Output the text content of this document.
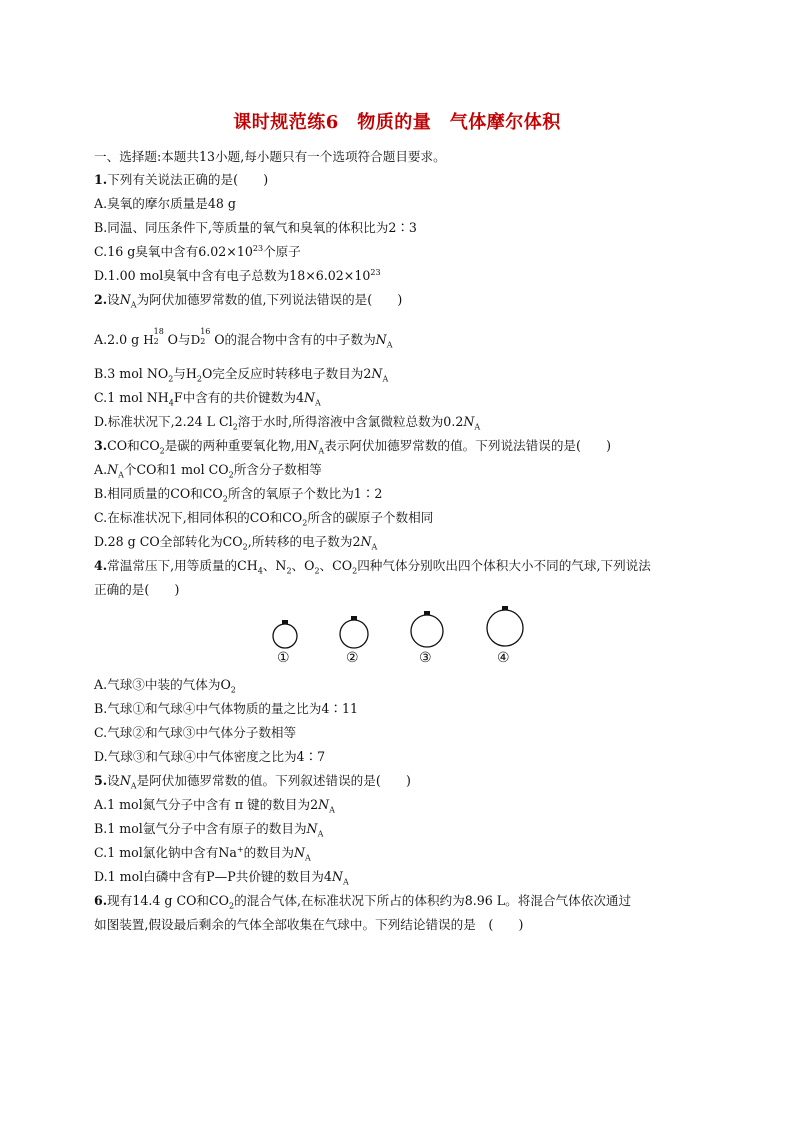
课时规范练6　物质的量　气体摩尔体积
一、选择题:本题共13小题,每小题只有一个选项符合题目要求。
1.下列有关说法正确的是(　　)
A.臭氧的摩尔质量是48 g
B.同温、同压条件下,等质量的氧气和臭氧的体积比为2∶3
C.16 g臭氧中含有$6.02\times 10^{23}$个原子
D.1.00 mol臭氧中含有电子总数为$18\times 6.02\times 10^{23}$
2.设$N_A$为阿伏加德罗常数的值,下列说法错误的是(　　)
A.2.0 g H
18
2 O与D
16
2 O的混合物中含有的中子数为$N_A$
B.3 mol $NO_2$与$H_2O$完全反应时转移电子数目为$2N_A$
C.1 mol $NH_4F$中含有的共价键数为$4N_A$
D.标准状况下,2.24 L $Cl_2$溶于水时,所得溶液中含氯微粒总数为$0.2N_A$
3.CO和$CO_2$是碳的两种重要氧化物,用$N_A$表示阿伏加德罗常数的值。下列说法错误的是(　　)
$A.N_A$个CO和1 mol $CO_2$所含分子数相等
B.相同质量的CO和$CO_2$所含的氧原子个数比为1∶2
C.在标准状况下,相同体积的CO和$CO_2$所含的碳原子个数相同
D.28 g CO全部转化为$CO_2$,所转移的电子数为$2N_A$
4.常温常压下,用等质量的$CH_4$、$N_2$、$O_2$、$CO_2$四种气体分别吹出四个体积大小不同的气球,下列说法
正确的是(　　)
①	②	③	④
A.气球③中装的气体为$O_2$
B.气球①和气球④中气体物质的量之比为4∶11
C.气球②和气球③中气体分子数相等
D.气球③和气球④中气体密度之比为4∶7
5.设$N_A$是阿伏加德罗常数的值。下列叙述错误的是(　　)
A.1 mol氮气分子中含有 π 键的数目为$2N_A$
B.1 mol氩气分子中含有原子的数目为$N_A$
C.1 mol氯化钠中含有Na+的数目为$N_A$
D.1 mol白磷中含有P—P共价键的数目为$4N_A$
6.现有14.4 g CO和$CO_2$的混合气体,在标准状况下所占的体积约为8.96 L。将混合气体依次通过
如图装置,假设最后剩余的气体全部收集在气球中。下列结论错误的是　(　　)
